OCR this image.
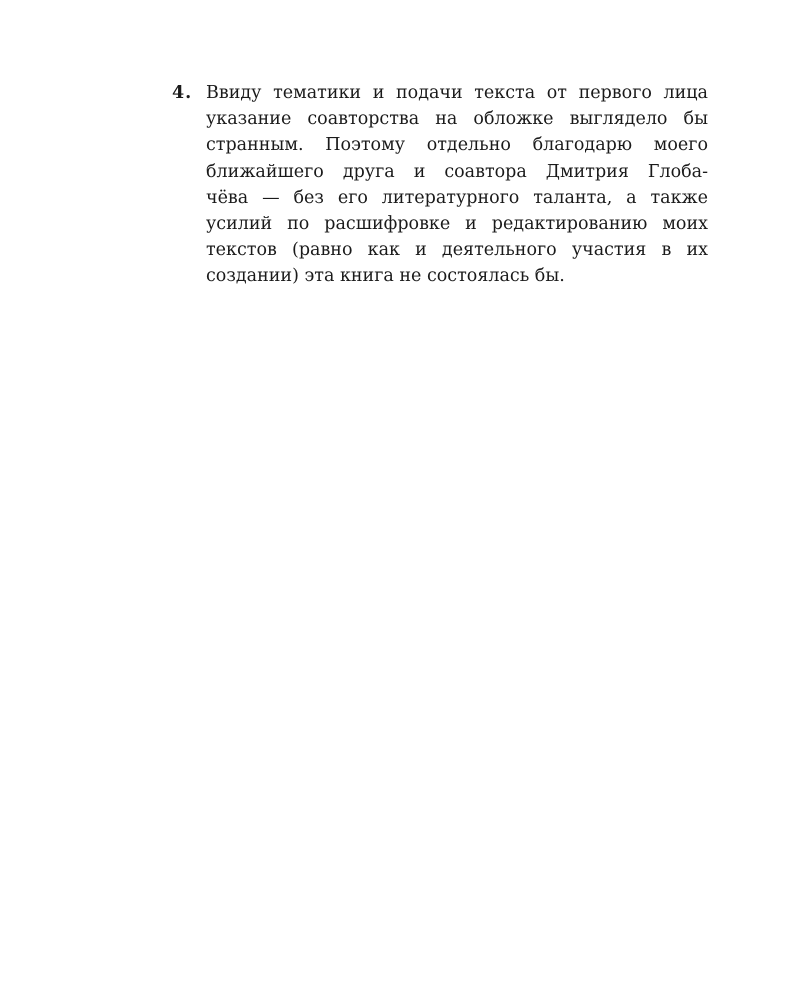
4. Ввиду тематики и подачи текста от первого лица
указание соавторства на обложке выглядело бы
странным. Поэтому отдельно благодарю моего
ближайшего друга и соавтора Дмитрия Глоба-
чёва — без его литературного таланта, а также
усилий по расшифровке и редактированию моих
текстов (равно как и деятельного участия в их
создании) эта книга не состоялась бы.
